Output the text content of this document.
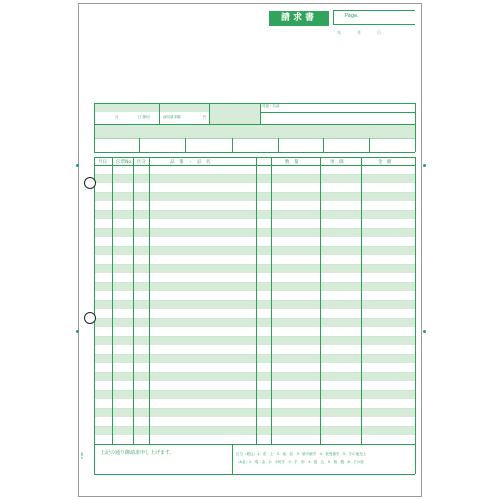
請求書	Page.
年	月	日
月	日 締切	前回請求額	円
得意・名前
月日 伝票No. 区分	品　番　・　品　名	数　量	単　価	金　額
上記の通り御請求申し上げます。	区分（税込）1：売　上　2：返　品　3：値引値引　4：仮受値引　5：その他売上
（A金）1：現　金　2：小切手　3：手　形　4：振　込　5：相　殺　6：その他
SB-8
